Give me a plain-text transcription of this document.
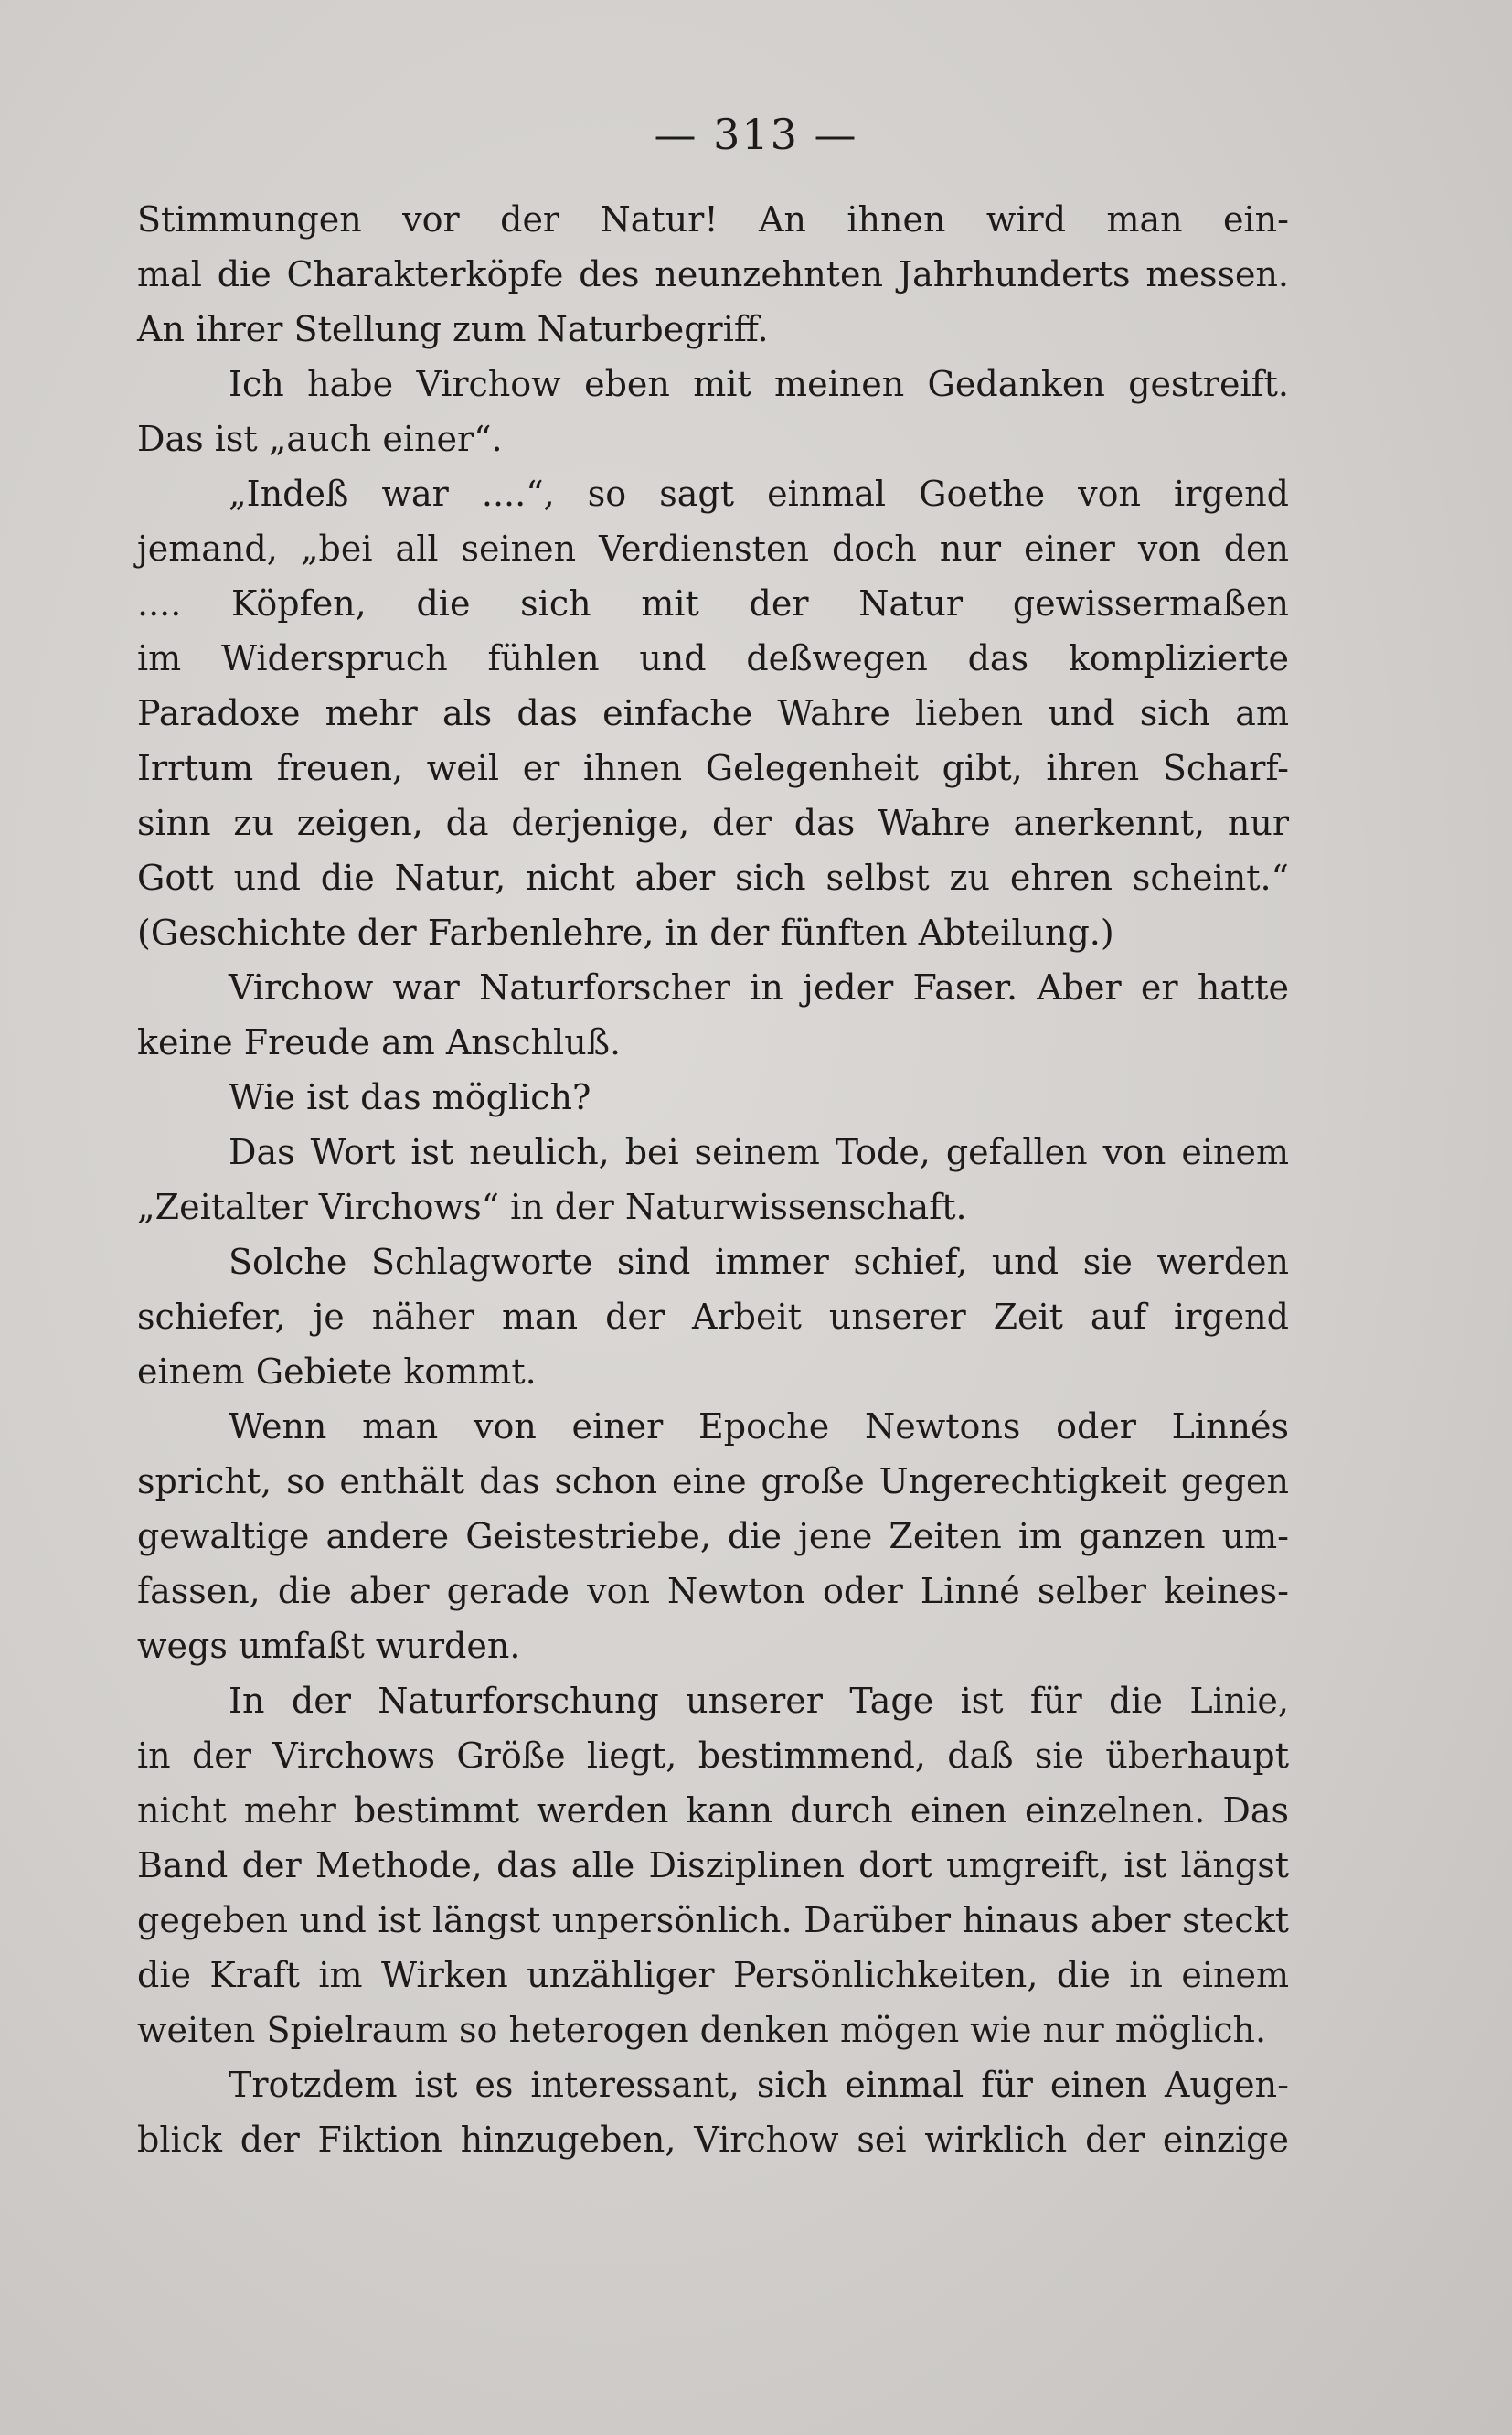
— 313 —
Stimmungen vor der Natur! An ihnen wird man ein-
mal die Charakterköpfe des neunzehnten Jahrhunderts messen.
An ihrer Stellung zum Naturbegriff.
Ich habe Virchow eben mit meinen Gedanken gestreift.
Das ist „auch einer“.
„Indeß war ....“, so sagt einmal Goethe von irgend
jemand, „bei all seinen Verdiensten doch nur einer von den
.... Köpfen, die sich mit der Natur gewissermaßen
im Widerspruch fühlen und deßwegen das komplizierte
Paradoxe mehr als das einfache Wahre lieben und sich am
Irrtum freuen, weil er ihnen Gelegenheit gibt, ihren Scharf-
sinn zu zeigen, da derjenige, der das Wahre anerkennt, nur
Gott und die Natur, nicht aber sich selbst zu ehren scheint.“
(Geschichte der Farbenlehre, in der fünften Abteilung.)
Virchow war Naturforscher in jeder Faser. Aber er hatte
keine Freude am Anschluß.
Wie ist das möglich?
Das Wort ist neulich, bei seinem Tode, gefallen von einem
„Zeitalter Virchows“ in der Naturwissenschaft.
Solche Schlagworte sind immer schief, und sie werden
schiefer, je näher man der Arbeit unserer Zeit auf irgend
einem Gebiete kommt.
Wenn man von einer Epoche Newtons oder Linnés
spricht, so enthält das schon eine große Ungerechtigkeit gegen
gewaltige andere Geistestriebe, die jene Zeiten im ganzen um-
fassen, die aber gerade von Newton oder Linné selber keines-
wegs umfaßt wurden.
In der Naturforschung unserer Tage ist für die Linie,
in der Virchows Größe liegt, bestimmend, daß sie überhaupt
nicht mehr bestimmt werden kann durch einen einzelnen. Das
Band der Methode, das alle Disziplinen dort umgreift, ist längst
gegeben und ist längst unpersönlich. Darüber hinaus aber steckt
die Kraft im Wirken unzähliger Persönlichkeiten, die in einem
weiten Spielraum so heterogen denken mögen wie nur möglich.
Trotzdem ist es interessant, sich einmal für einen Augen-
blick der Fiktion hinzugeben, Virchow sei wirklich der einzige
